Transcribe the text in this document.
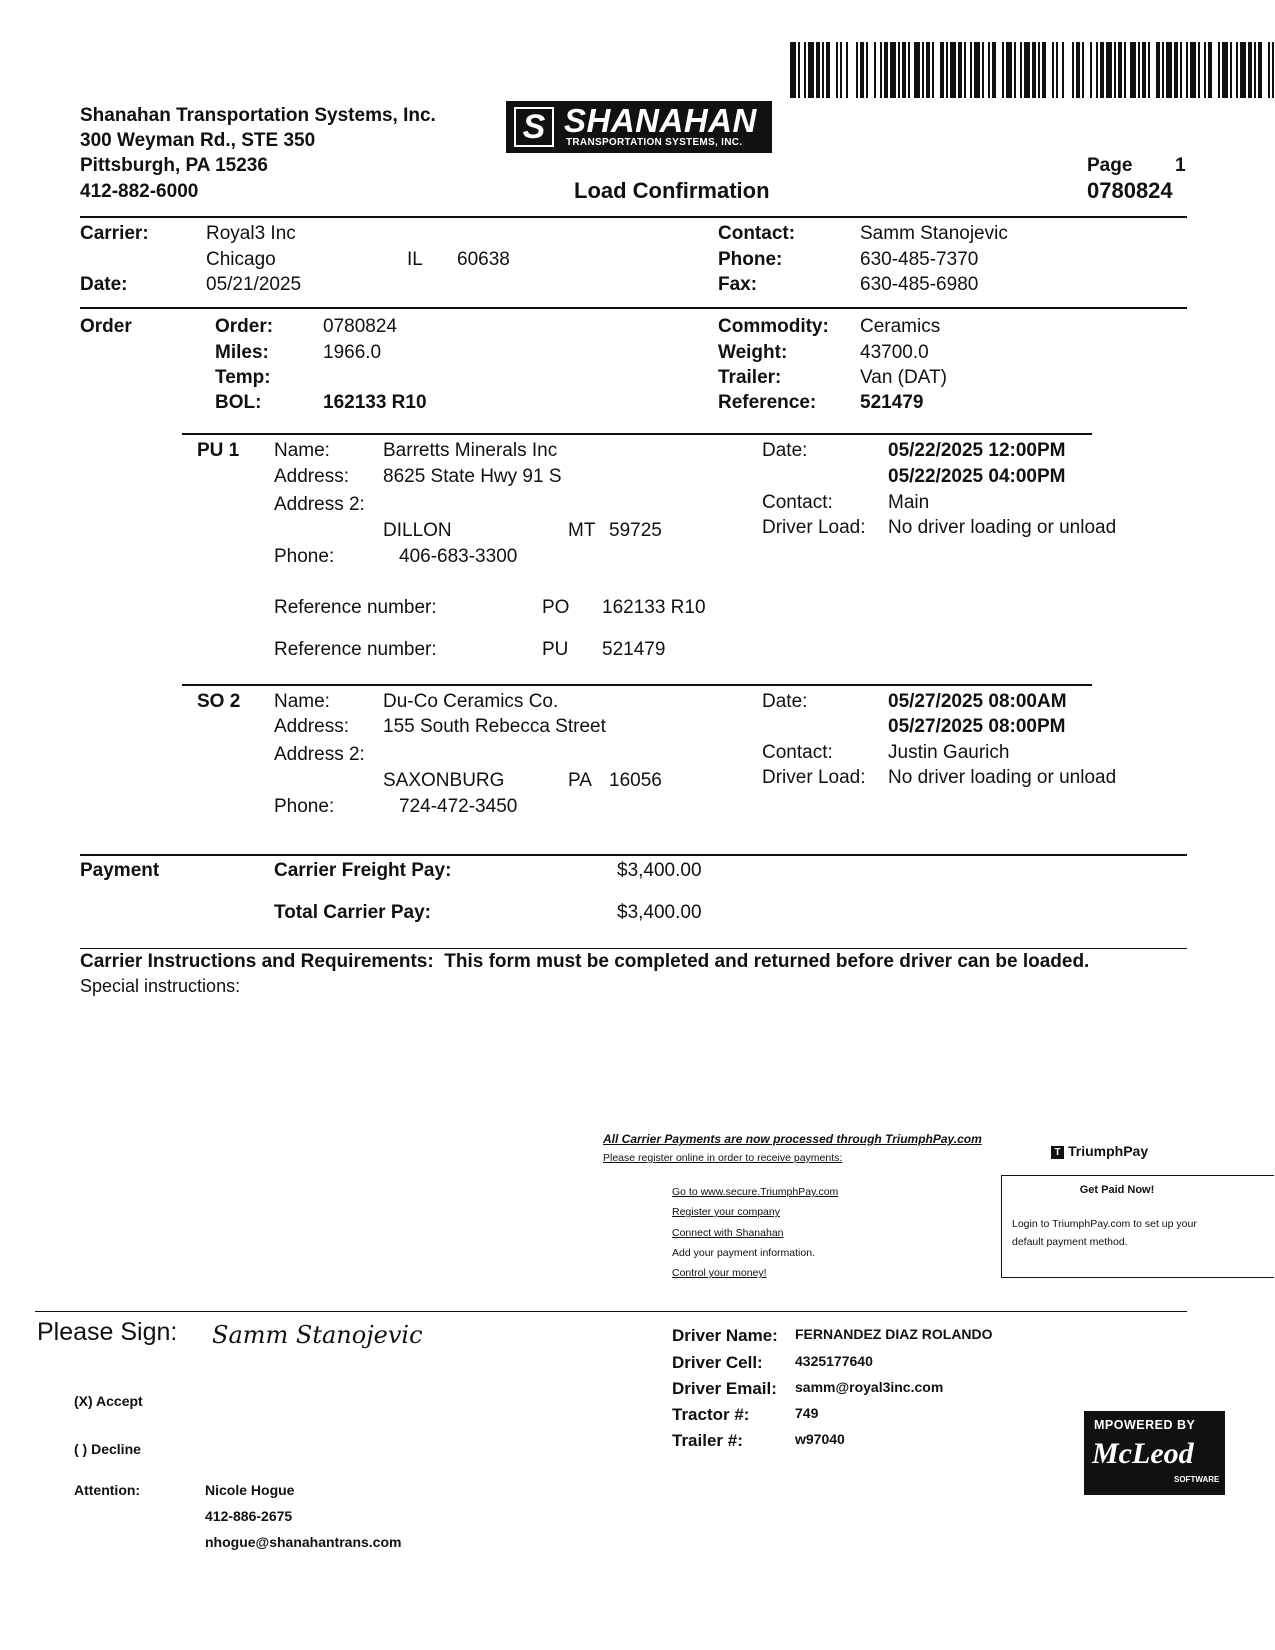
Shanahan Transportation Systems, Inc.
300 Weyman Rd., STE 350
Pittsburgh, PA 15236
412-882-6000
S SHANAHAN
TRANSPORTATION SYSTEMS, INC.
Load Confirmation
Page 1
0780824
Carrier:	Royal3 Inc
Chicago	IL 60638
Date:	05/21/2025
Contact:	Samm Stanojevic
Phone:	630-485-7370
Fax:	630-485-6980
Order	Order:	0780824
Miles:	1966.0
Temp:
BOL:	162133 R10
Commodity: Ceramics
Weight:	43700.0
Trailer:	Van (DAT)
Reference: 521479
PU 1 Name:	Barretts Minerals Inc
Address: 8625 State Hwy 91 S
Address 2:
DILLON	MT 59725
Phone:	406-683-3300
Date:	05/22/2025 12:00PM
05/22/2025 04:00PM
Contact:	Main
Driver Load: No driver loading or unload
Reference number:	PO 162133 R10
Reference number:	PU 521479
SO 2 Name:	Du-Co Ceramics Co.
Address: 155 South Rebecca Street
Address 2:
SAXONBURG	PA 16056
Phone:	724-472-3450
Date:	05/27/2025 08:00AM
05/27/2025 08:00PM
Contact:	Justin Gaurich
Driver Load: No driver loading or unload
Payment	Carrier Freight Pay:	$3,400.00
Total Carrier Pay:	$3,400.00
Carrier Instructions and Requirements: This form must be completed and returned before driver can be loaded.
Special instructions:
All Carrier Payments are now processed through TriumphPay.com
Please register online in order to receive payments:	T TriumphPay
Go to www.secure.TriumphPay.com
Register your company
Connect with Shanahan
Add your payment information.
Control your money!
Get Paid Now!
Login to TriumphPay.com to set up your default payment method.
Please Sign: Samm Stanojevic
(X) Accept
( ) Decline
Attention:	Nicole Hogue
412-886-2675
nhogue@shanahantrans.com
Driver Name: FERNANDEZ DIAZ ROLANDO
Driver Cell: 4325177640
Driver Email: samm@royal3inc.com
Tractor #:	749
Trailer #:	w97040
MPOWERED BY
McLeod
SOFTWARE
